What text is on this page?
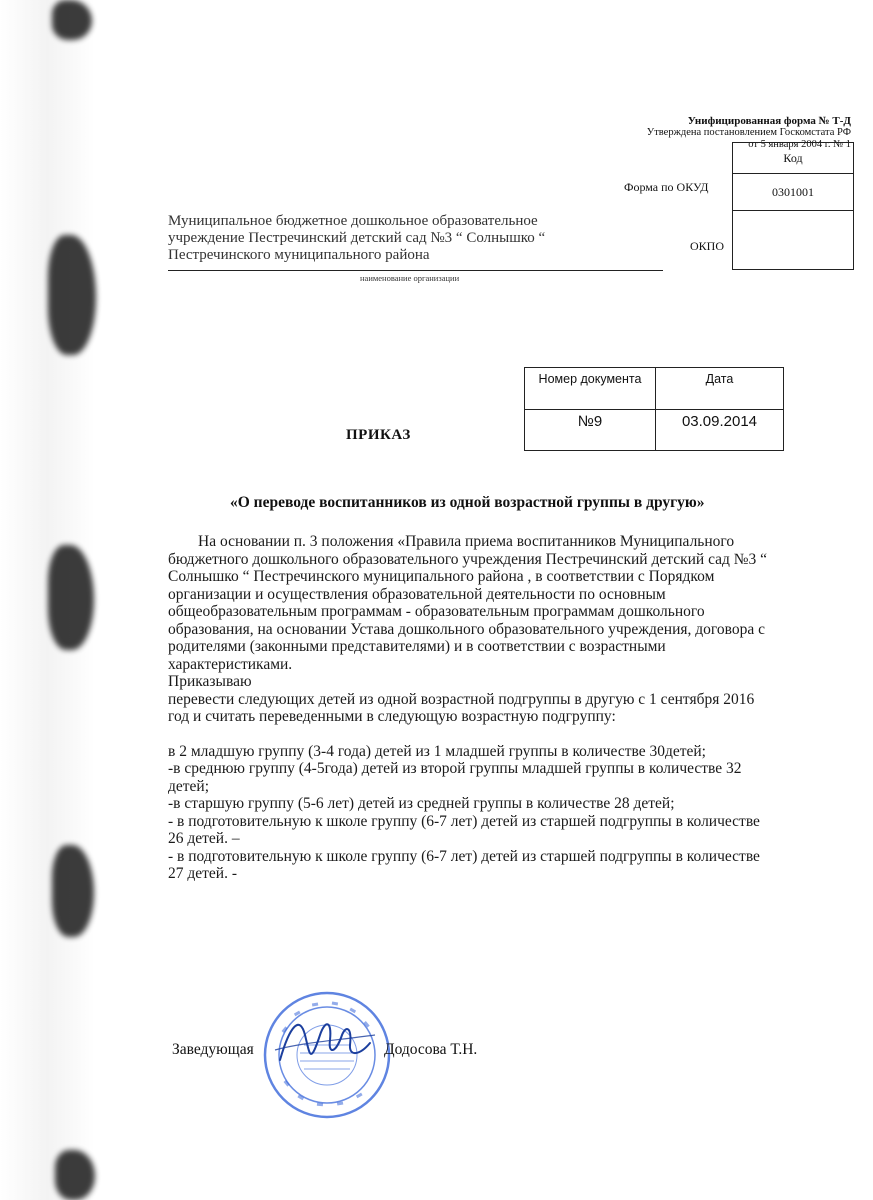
Унифицированная форма № Т-Д
Утверждена постановлением Госкомстата РФ
от 5 января 2004 г. № 1
Код
0301001

Форма по ОКУД
ОКПО
Муниципальное бюджетное дошкольное образовательное
учреждение Пестречинский детский сад №3 “ Солнышко “
Пестречинского муниципального района
наименование организации
Номер документа	Дата
№9	03.09.2014
ПРИКАЗ
«О переводе воспитанников из одной возрастной группы в другую»

На основании п. 3 положения «Правила приема воспитанников Муниципального

бюджетного дошкольного образовательного учреждения Пестречинский детский сад №3 “

Солнышко “ Пестречинского муниципального района , в соответствии с Порядком

организации и осуществления образовательной деятельности по основным

общеобразовательным программам - образовательным программам дошкольного

образования, на основании Устава дошкольного образовательного учреждения, договора с

родителями (законными представителями) и в соответствии с возрастными

характеристиками.

Приказываю

перевести следующих детей из одной возрастной подгруппы в другую с 1 сентября 2016

год и считать переведенными в следующую возрастную подгруппу:

в 2 младшую группу (3-4 года) детей из 1 младшей группы в количестве 30детей;

-в среднюю группу (4-5года) детей из второй группы младшей группы в количестве 32

детей;

-в старшую группу (5-6 лет) детей из средней группы в количестве 28 детей;

- в подготовительную к школе группу (6-7 лет) детей из старшей подгруппы в количестве

26 детей. –

- в подготовительную к школе группу (6-7 лет) детей из старшей подгруппы в количестве

27 детей. -

Заведующая	Додосова Т.Н.
